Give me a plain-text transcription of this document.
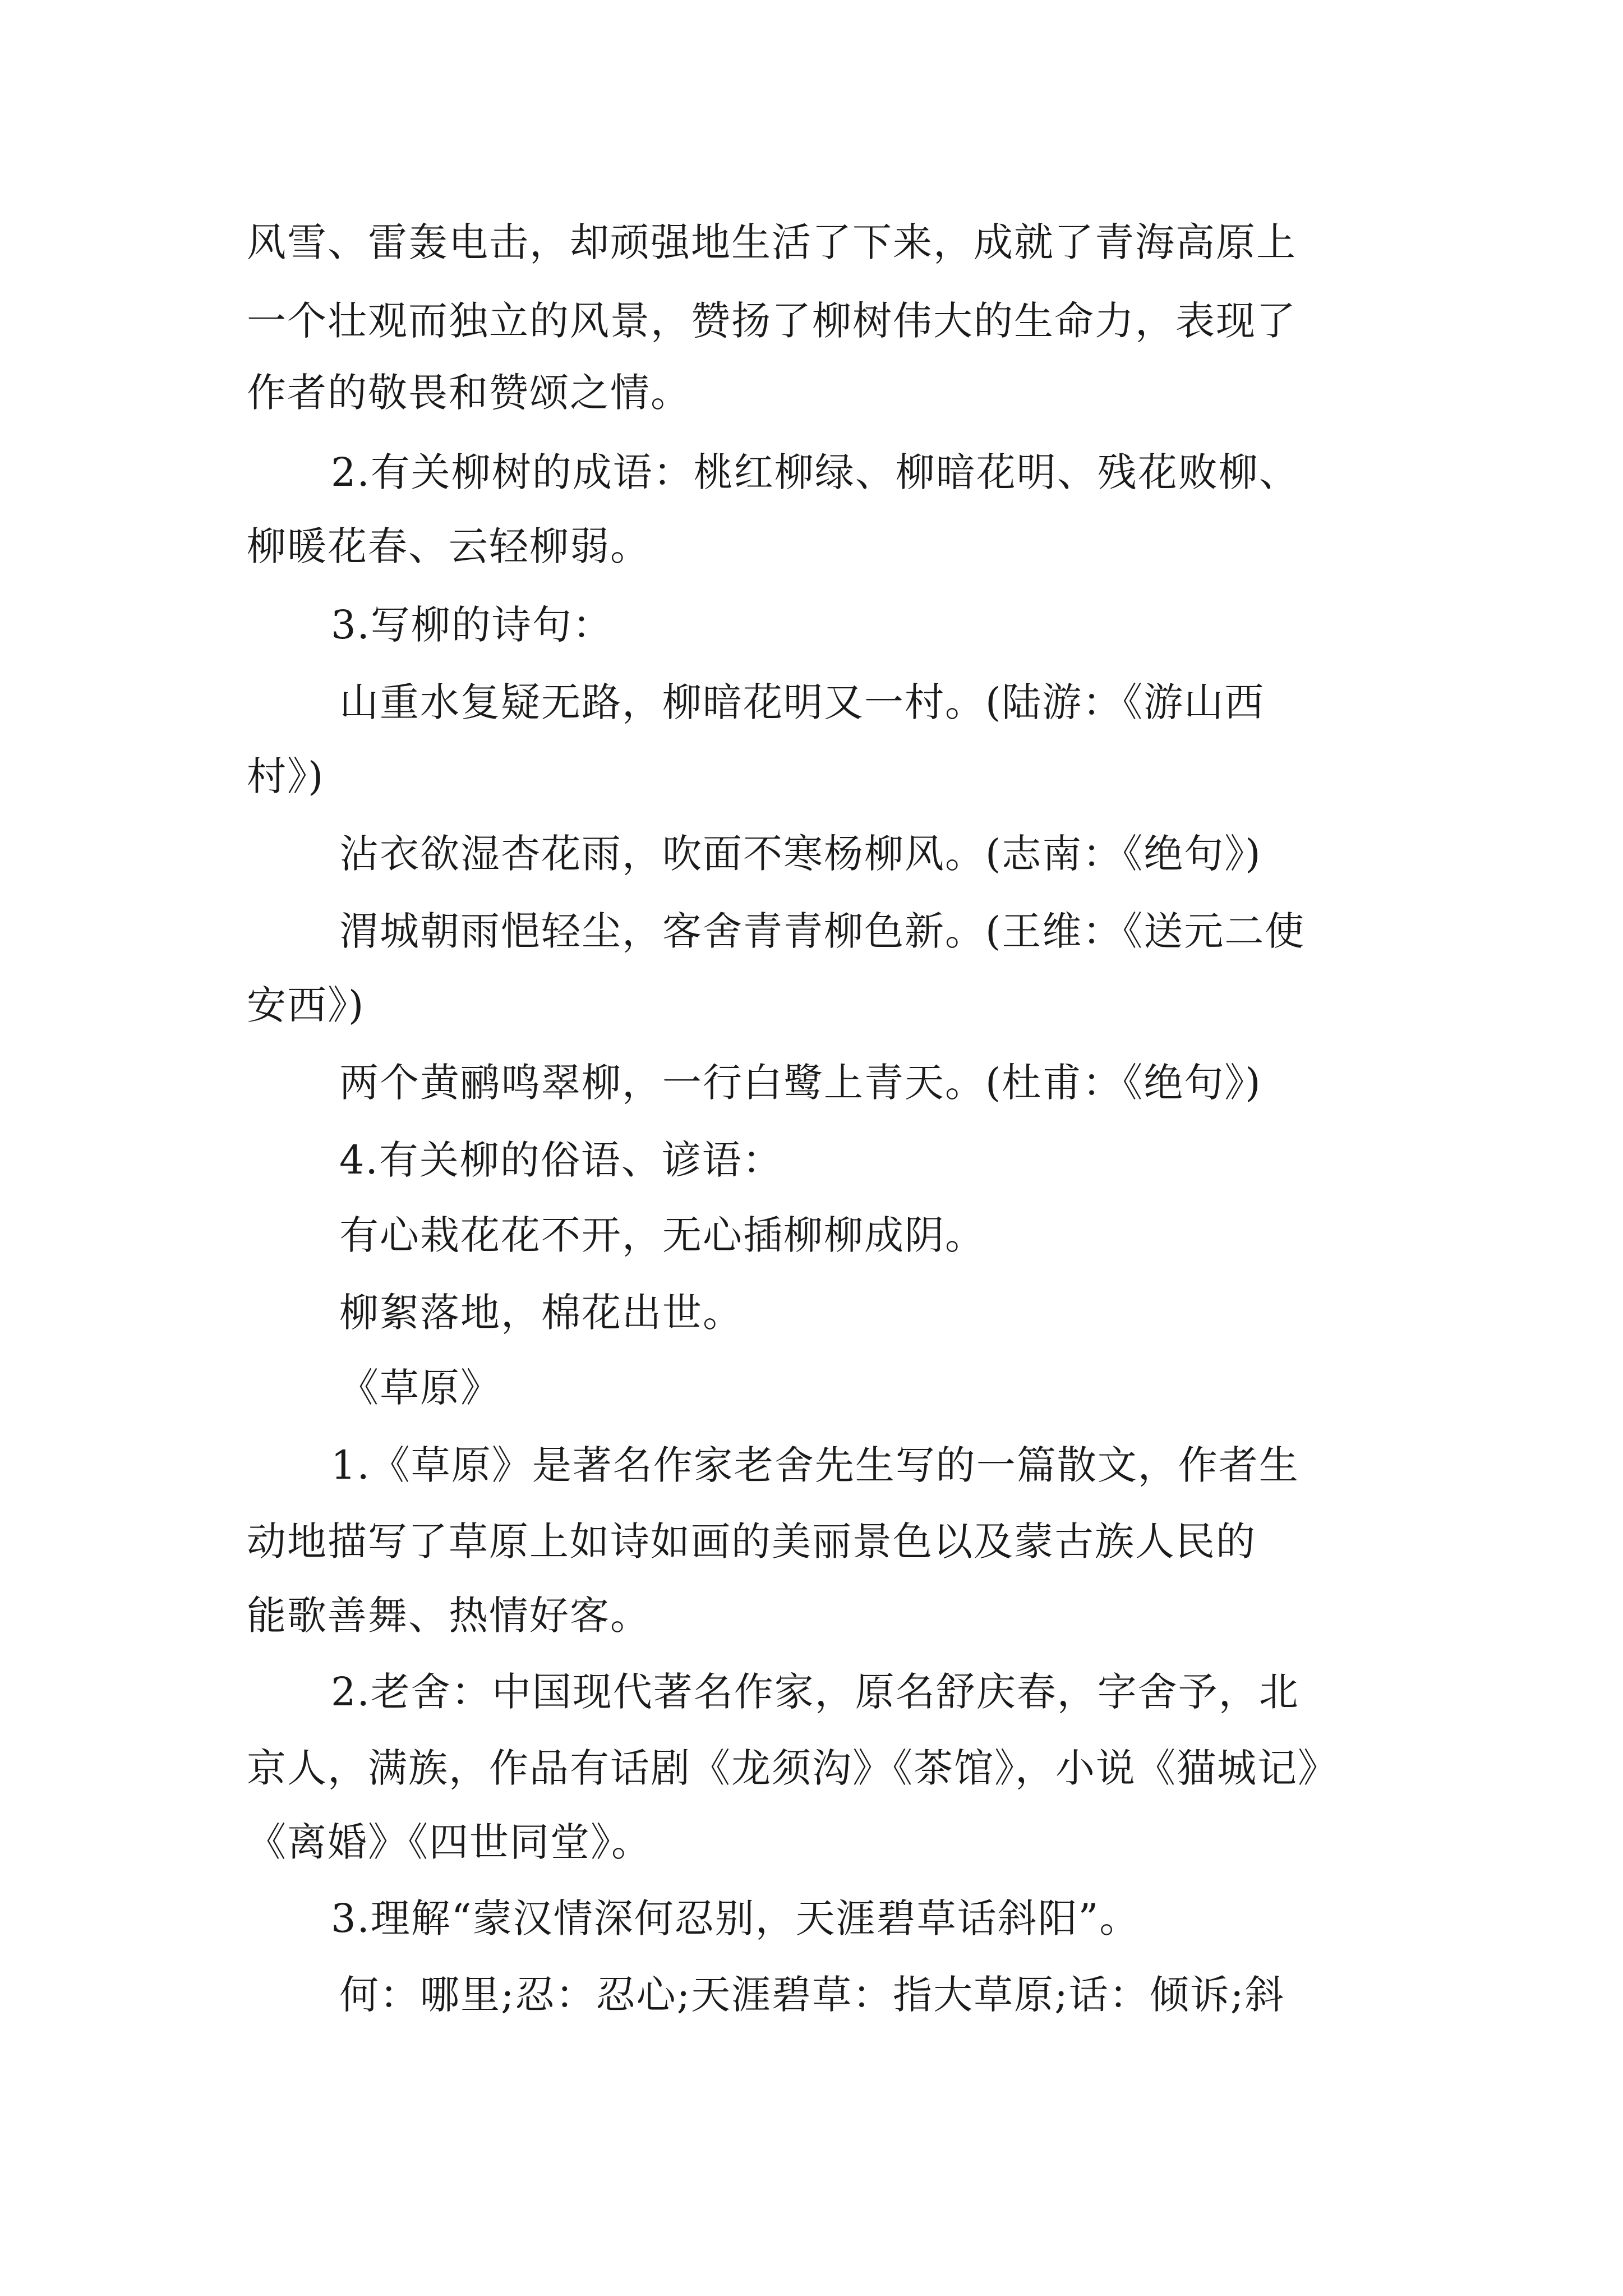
风雪、雷轰电击，却顽强地生活了下来，成就了青海高原上
一个壮观而独立的风景，赞扬了柳树伟大的生命力，表现了
作者的敬畏和赞颂之情。
2.有关柳树的成语：桃红柳绿、柳暗花明、残花败柳、
柳暖花春、云轻柳弱。
3.写柳的诗句：
山重水复疑无路，柳暗花明又一村。(陆游：《游山西
村》)
沾衣欲湿杏花雨，吹面不寒杨柳风。(志南：《绝句》)
渭城朝雨悒轻尘，客舍青青柳色新。(王维：《送元二使
安西》)
两个黄鹂鸣翠柳，一行白鹭上青天。(杜甫：《绝句》)
4.有关柳的俗语、谚语：
有心栽花花不开，无心插柳柳成阴。
柳絮落地，棉花出世。
《草原》
1.《草原》是著名作家老舍先生写的一篇散文，作者生
动地描写了草原上如诗如画的美丽景色以及蒙古族人民的
能歌善舞、热情好客。
2.老舍：中国现代著名作家，原名舒庆春，字舍予，北
京人，满族，作品有话剧《龙须沟》《茶馆》，小说《猫城记》
《离婚》《四世同堂》。
3.理解“蒙汉情深何忍别，天涯碧草话斜阳”。
何：哪里;忍：忍心;天涯碧草：指大草原;话：倾诉;斜
